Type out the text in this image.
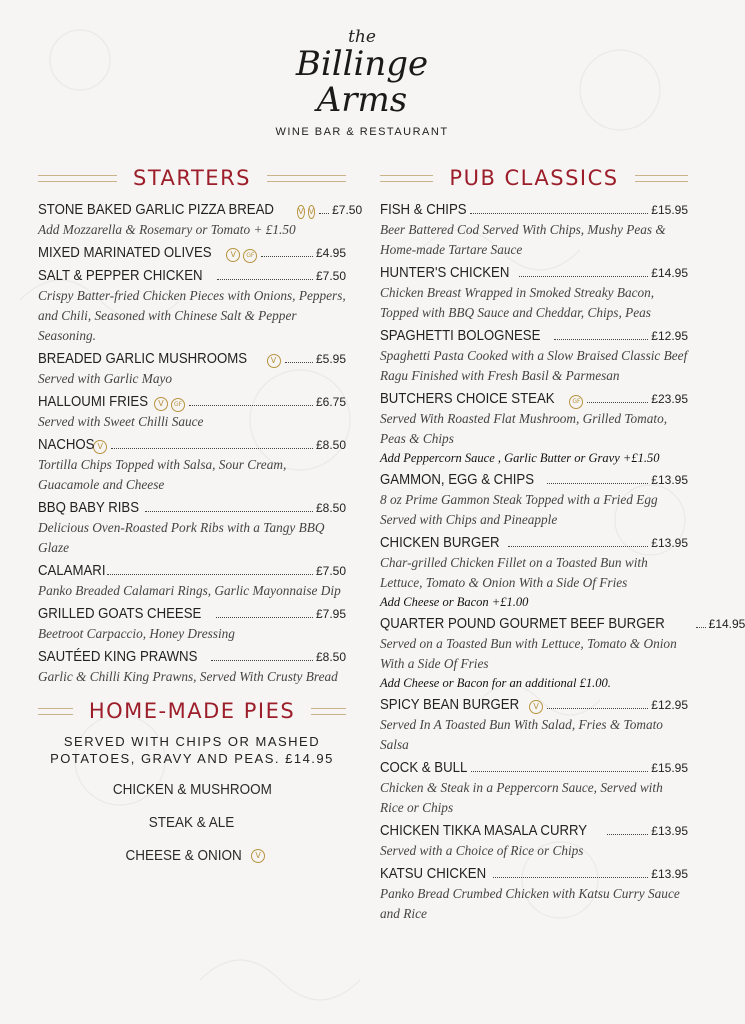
the
Billinge
Arms
WINE BAR & RESTAURANT
STARTERS
STONE BAKED GARLIC PIZZA BREAD	V V £7.50
Add Mozzarella & Rosemary or Tomato + £1.50
MIXED MARINATED OLIVES	V	GF	£4.95
SALT & PEPPER CHICKEN	£7.50
Crispy Batter-fried Chicken Pieces with Onions, Peppers, and Chili, Seasoned with Chinese Salt & Pepper Seasoning.
BREADED GARLIC MUSHROOMS	V	£5.95
Served with Garlic Mayo
HALLOUMI FRIES	V	GF	£6.75
Served with Sweet Chilli Sauce
NACHOS V	£8.50
Tortilla Chips Topped with Salsa, Sour Cream, Guacamole and Cheese
BBQ BABY RIBS	£8.50
Delicious Oven-Roasted Pork Ribs with a Tangy BBQ Glaze
CALAMARI	£7.50
Panko Breaded Calamari Rings, Garlic Mayonnaise Dip
GRILLED GOATS CHEESE	£7.95
Beetroot Carpaccio, Honey Dressing
SAUTÉED KING PRAWNS	£8.50
Garlic & Chilli King Prawns, Served With Crusty Bread
HOME-MADE PIES
SERVED WITH CHIPS OR MASHED
POTATOES, GRAVY AND PEAS. £14.95
CHICKEN & MUSHROOM
STEAK & ALE
CHEESE & ONION V
PUB CLASSICS
FISH & CHIPS	£15.95
Beer Battered Cod Served With Chips, Mushy Peas & Home-made Tartare Sauce
HUNTER'S CHICKEN	£14.95
Chicken Breast Wrapped in Smoked Streaky Bacon, Topped with BBQ Sauce and Cheddar, Chips, Peas
SPAGHETTI BOLOGNESE	£12.95
Spaghetti Pasta Cooked with a Slow Braised Classic Beef Ragu Finished with Fresh Basil & Parmesan
BUTCHERS CHOICE STEAK	GF	£23.95
Served With Roasted Flat Mushroom, Grilled Tomato, Peas & Chips
Add Peppercorn Sauce , Garlic Butter or Gravy +£1.50
GAMMON, EGG & CHIPS	£13.95
8 oz Prime Gammon Steak Topped with a Fried Egg Served with Chips and Pineapple
CHICKEN BURGER	£13.95
Char-grilled Chicken Fillet on a Toasted Bun with Lettuce, Tomato & Onion With a Side Of Fries
Add Cheese or Bacon +£1.00
QUARTER POUND GOURMET BEEF BURGER	£14.95
Served on a Toasted Bun with Lettuce, Tomato & Onion With a Side Of Fries
Add Cheese or Bacon for an additional £1.00.
SPICY BEAN BURGER	V	£12.95
Served In A Toasted Bun With Salad, Fries & Tomato Salsa
COCK & BULL	£15.95
Chicken & Steak in a Peppercorn Sauce, Served with Rice or Chips
CHICKEN TIKKA MASALA CURRY	£13.95
Served with a Choice of Rice or Chips
KATSU CHICKEN	£13.95
Panko Bread Crumbed Chicken with Katsu Curry Sauce and Rice
